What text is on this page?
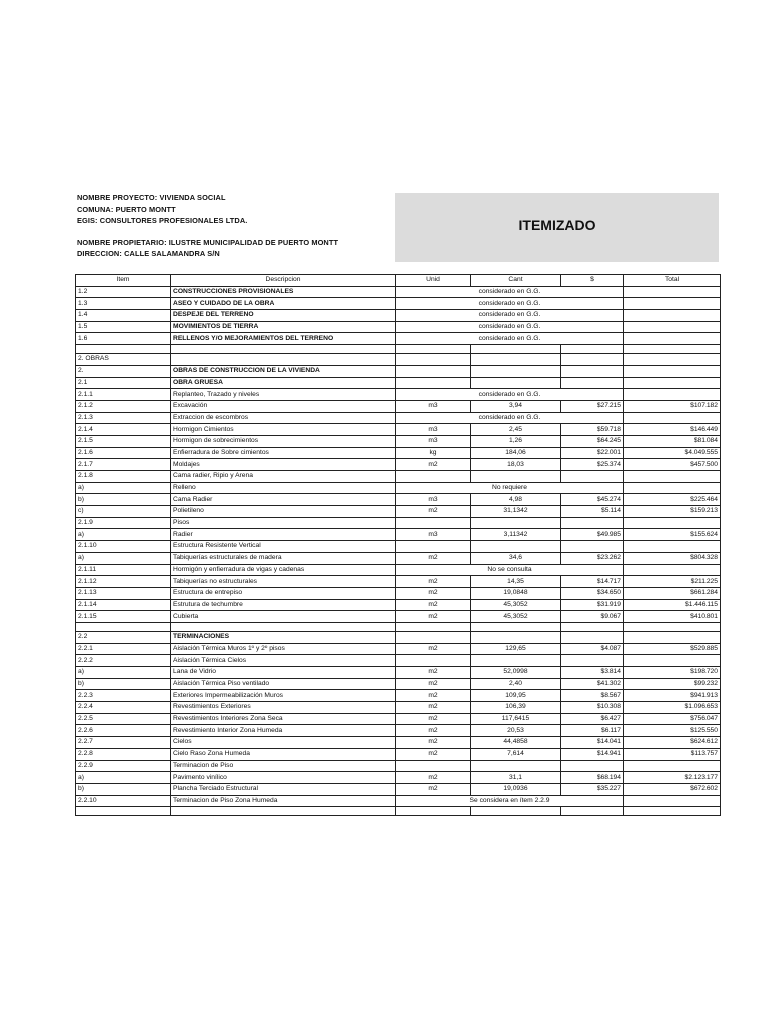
NOMBRE PROYECTO: VIVIENDA SOCIAL
COMUNA: PUERTO MONTT
EGIS: CONSULTORES PROFESIONALES LTDA.
NOMBRE PROPIETARIO: ILUSTRE MUNICIPALIDAD DE PUERTO MONTT
DIRECCION: CALLE SALAMANDRA S/N
ITEMIZADO
Item	Descripcion	Unid	Cant	$	Total
1.2	CONSTRUCCIONES PROVISIONALES	considerado en G.G.			
1.3	ASEO Y CUIDADO DE LA OBRA	considerado en G.G.			
1.4	DESPEJE DEL TERRENO	considerado en G.G.			
1.5	MOVIMIENTOS DE TIERRA	considerado en G.G.			
1.6	RELLENOS Y/O MEJORAMIENTOS DEL TERRENO	considerado en G.G.			

2. OBRAS					
2.	OBRAS DE CONSTRUCCION DE LA VIVIENDA				
2.1	OBRA GRUESA				
2.1.1	Replanteo, Trazado y niveles	considerado en G.G.			
2.1.2	Excavación	m3	3,94	$27.215	$107.182
2.1.3	Extraccion de escombros	considerado en G.G.			
2.1.4	Hormigon Cimientos	m3	2,45	$59.718	$146.449
2.1.5	Hormigon de sobrecimientos	m3	1,26	$64.245	$81.084
2.1.6	Enfierradura de Sobre cimientos	kg	184,06	$22.001	$4.049.555
2.1.7	Moldajes	m2	18,03	$25.374	$457.500
2.1.8	Cama radier, Ripio y Arena				
a)	Relleno	No requiere			
b)	Cama Radier	m3	4,98	$45.274	$225.464
c)	Polietileno	m2	31,1342	$5.114	$159.213
2.1.9	Pisos				
a)	Radier	m3	3,11342	$49.985	$155.624
2.1.10	Estructura Resistente Vertical				
a)	Tabiquerías estructurales de madera	m2	34,6	$23.262	$804.328
2.1.11	Hormigón y enfierradura de vigas y cadenas	No se consulta			
2.1.12	Tabiquerías no estructurales	m2	14,35	$14.717	$211.225
2.1.13	Estructura de entrepiso	m2	19,0848	$34.650	$661.284
2.1.14	Estrutura de techumbre	m2	45,3052	$31.919	$1.446.115
2.1.15	Cubierta	m2	45,3052	$9.067	$410.801

2.2	TERMINACIONES				
2.2.1	Aislación Térmica Muros 1º y 2º pisos	m2	129,65	$4.087	$529.885
2.2.2	Aislación Térmica Cielos				
a)	Lana de Vidrio	m2	52,0998	$3.814	$198.720
b)	Aislación Térmica Piso ventilado	m2	2,40	$41.302	$99.232
2.2.3	Exteriores Impermeabilización Muros	m2	109,95	$8.567	$941.913
2.2.4	Revestimientos Exteriores	m2	106,39	$10.308	$1.096.653
2.2.5	Revestimientos Interiores Zona Seca	m2	117,6415	$6.427	$756.047
2.2.6	Revestimiento Interior Zona Humeda	m2	20,53	$6.117	$125.550
2.2.7	Cielos	m2	44,4858	$14.041	$624.612
2.2.8	Cielo Raso Zona Humeda	m2	7,614	$14.941	$113.757
2.2.9	Terminacion de Piso				
a)	Pavimento vinílico	m2	31,1	$68.194	$2.123.177
b)	Plancha Terciado Estructural	m2	19,0936	$35.227	$672.602
2.2.10	Terminacion de Piso Zona Humeda	Se considera en ítem 2.2.9			
